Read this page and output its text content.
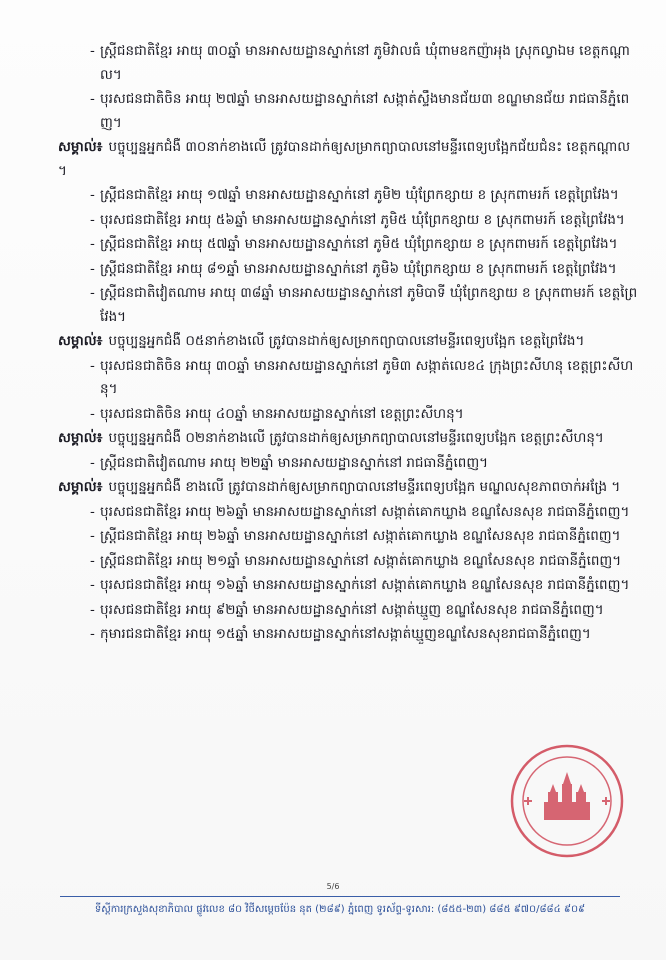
- ស្ត្រីជនជាតិខ្មែរ អាយុ ៣០ឆ្នាំ មានអាសយដ្ឋានស្នាក់នៅ ភូមិវាលធំ ឃុំពាមឧកញ៉ាអុង ស្រុកល្វាឯម ខេត្តកណ្ដាល។
- បុរសជនជាតិចិន អាយុ ២៧ឆ្នាំ មានអាសយដ្ឋានស្នាក់នៅ សង្កាត់ស្ទឹងមានជ័យ៣ ខណ្ឌមានជ័យ រាជធានីភ្នំពេញ។
សម្គាល់៖ បច្ចុប្បន្នអ្នកជំងឺ ៣០នាក់ខាងលើ ត្រូវបានដាក់ឲ្យសម្រាកព្យាបាលនៅមន្ទីរពេទ្យបង្អែកជ័យជំនះ ខេត្តកណ្ដាល។
- ស្ត្រីជនជាតិខ្មែរ អាយុ ១៧ឆ្នាំ មានអាសយដ្ឋានស្នាក់នៅ ភូមិ២ ឃុំព្រែកខ្សាយ ខ ស្រុកពាមរក៍ ខេត្តព្រៃវែង។
- បុរសជនជាតិខ្មែរ អាយុ ៥៦ឆ្នាំ មានអាសយដ្ឋានស្នាក់នៅ ភូមិ៥ ឃុំព្រែកខ្សាយ ខ ស្រុកពាមរក៍ ខេត្តព្រៃវែង។
- ស្ត្រីជនជាតិខ្មែរ អាយុ ៥៧ឆ្នាំ មានអាសយដ្ឋានស្នាក់នៅ ភូមិ៥ ឃុំព្រែកខ្សាយ ខ ស្រុកពាមរក៍ ខេត្តព្រៃវែង។
- ស្ត្រីជនជាតិខ្មែរ អាយុ ៨១ឆ្នាំ មានអាសយដ្ឋានស្នាក់នៅ ភូមិ៦ ឃុំព្រែកខ្សាយ ខ ស្រុកពាមរក៍ ខេត្តព្រៃវែង។
- ស្ត្រីជនជាតិវៀតណាម អាយុ ៣៨ឆ្នាំ មានអាសយដ្ឋានស្នាក់នៅ ភូមិបាទី ឃុំព្រែកខ្សាយ ខ ស្រុកពាមរក៍ ខេត្តព្រៃវែង។
សម្គាល់៖ បច្ចុប្បន្នអ្នកជំងឺ ០៥នាក់ខាងលើ ត្រូវបានដាក់ឲ្យសម្រាកព្យាបាលនៅមន្ទីរពេទ្យបង្អែក ខេត្តព្រៃវែង។
- បុរសជនជាតិចិន អាយុ ៣០ឆ្នាំ មានអាសយដ្ឋានស្នាក់នៅ ភូមិ៣ សង្កាត់លេខ៤ ក្រុងព្រះសីហនុ ខេត្តព្រះសីហនុ។
- បុរសជនជាតិចិន អាយុ ៤០ឆ្នាំ មានអាសយដ្ឋានស្នាក់នៅ ខេត្តព្រះសីហនុ។
សម្គាល់៖ បច្ចុប្បន្នអ្នកជំងឺ ០២នាក់ខាងលើ ត្រូវបានដាក់ឲ្យសម្រាកព្យាបាលនៅមន្ទីរពេទ្យបង្អែក ខេត្តព្រះសីហនុ។
- ស្ត្រីជនជាតិវៀតណាម អាយុ ២២ឆ្នាំ មានអាសយដ្ឋានស្នាក់នៅ រាជធានីភ្នំពេញ។
សម្គាល់៖ បច្ចុប្បន្នអ្នកជំងឺ ខាងលើ ត្រូវបានដាក់ឲ្យសម្រាកព្យាបាលនៅមន្ទីរពេទ្យបង្អែក មណ្ឌលសុខភាពចាក់អង្រែ ។
- បុរសជនជាតិខ្មែរ អាយុ ២៦ឆ្នាំ មានអាសយដ្ឋានស្នាក់នៅ សង្កាត់គោកឃ្លាង ខណ្ឌសែនសុខ រាជធានីភ្នំពេញ។
- ស្ត្រីជនជាតិខ្មែរ អាយុ ២៦ឆ្នាំ មានអាសយដ្ឋានស្នាក់នៅ សង្កាត់គោកឃ្លាង ខណ្ឌសែនសុខ រាជធានីភ្នំពេញ។
- ស្ត្រីជនជាតិខ្មែរ អាយុ ២១ឆ្នាំ មានអាសយដ្ឋានស្នាក់នៅ សង្កាត់គោកឃ្លាង ខណ្ឌសែនសុខ រាជធានីភ្នំពេញ។
- បុរសជនជាតិខ្មែរ អាយុ ១៦ឆ្នាំ មានអាសយដ្ឋានស្នាក់នៅ សង្កាត់គោកឃ្លាង ខណ្ឌសែនសុខ រាជធានីភ្នំពេញ។
- បុរសជនជាតិខ្មែរ អាយុ ៩២ឆ្នាំ មានអាសយដ្ឋានស្នាក់នៅ សង្កាត់ឃ្មួញ ខណ្ឌសែនសុខ រាជធានីភ្នំពេញ។
- កុមារជនជាតិខ្មែរ អាយុ ១៥ឆ្នាំ មានអាសយដ្ឋានស្នាក់នៅសង្កាត់ឃ្មួញខណ្ឌសែនសុខរាជធានីភ្នំពេញ។
5/6
ទីស្តីការក្រសួងសុខាភិបាល ផ្លូវលេខ ៨០ វិថីសម្តេចប៉ែន នុត (២៨៩) ភ្នំពេញ ទូរស័ព្ទ-ទូរសារ: (៨៥៥-២៣) ៨៨៥ ៩៧០/៨៨៤ ៩០៩
